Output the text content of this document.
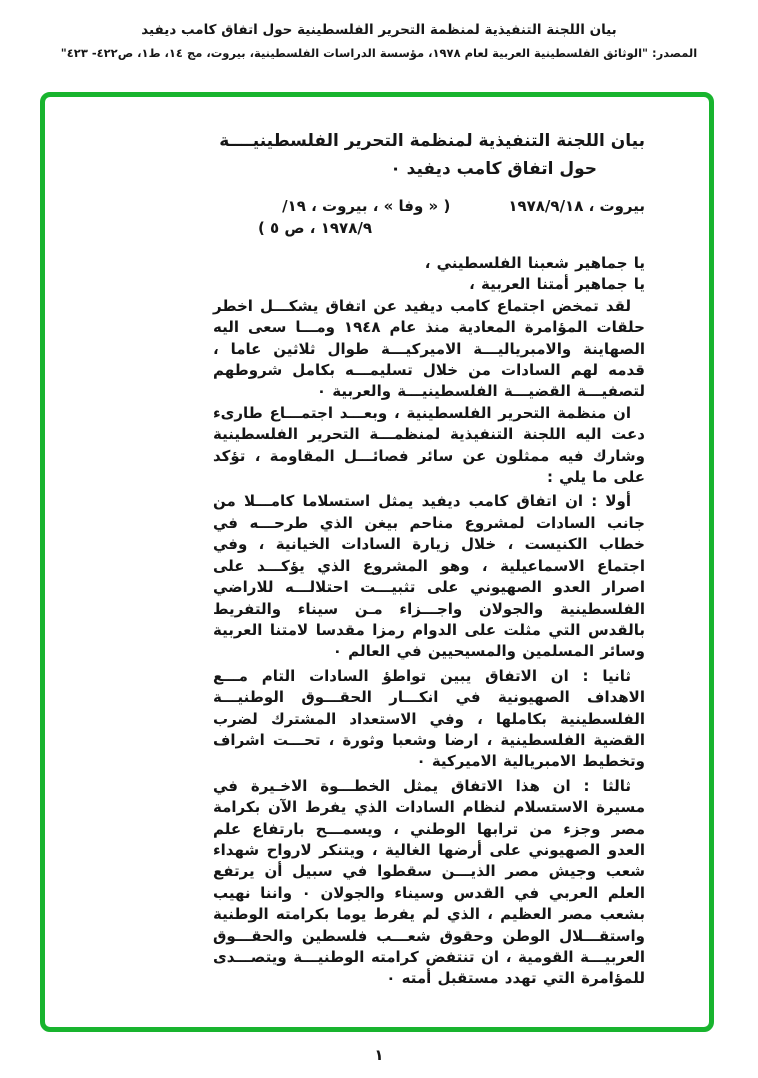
بيان اللجنة التنفيذية لمنظمة التحرير الفلسطينية حول اتفاق كامب ديفيد

المصدر: "الوثائق الفلسطينية العربية لعام ١٩٧٨، مؤسسة الدراسات الفلسطينية، بيروت، مج ١٤، ط١، ص٤٢٢- ٤٢٣"

بيان اللجنة التنفيذية لمنظمة التحرير الفلسطينيــــة
حول اتفاق كامب ديفيد ٠
بيروت ، ١٩٧٨/٩/١٨
( « وفا » ، بيروت ، ١٩/
١٩٧٨/٩ ، ص ٥ )

يا جماهير شعبنا الفلسطيني ،

يا جماهير أمتنا العربية ،

لقد تمخض اجتماع كامب ديفيد عن اتفاق يشكـــل اخطر حلقات المؤامرة المعادية منذ عام ١٩٤٨ ومـــا سعى اليه الصهاينة والامبرياليـــة الاميركيـــة طوال ثلاثين عاما ، قدمه لهم السادات من خلال تسليمـــه بكامل شروطهم لتصفيـــة القضيـــة الفلسطينيـــة والعربية ٠

ان منظمة التحرير الفلسطينية ، وبعـــد اجتمـــاع طارىء دعت اليه اللجنة التنفيذية لمنظمـــة التحرير الفلسطينية وشارك فيه ممثلون عن سائر فصائـــل المقاومة ، تؤكد على ما يلي :

أولا : ان اتفاق كامب ديفيد يمثل استسلاما كامـــلا من جانب السادات لمشروع مناحم بيغن الذي طرحـــه في خطاب الكنيست ، خلال زيارة السادات الخيانية ، وفي اجتماع الاسماعيلية ، وهو المشروع الذي يؤكـــد على اصرار العدو الصهيوني على تثبيـــت احتلالـــه للاراضي الفلسطينية والجولان واجـــزاء مـن سيناء والتفريط بالقدس التي مثلت على الدوام رمزا مقدسا لامتنا العربية وسائر المسلمين والمسيحيين في العالم ٠

ثانيا : ان الاتفاق يبين تواطؤ السادات التام مـــع الاهداف الصهيونية في انكـــار الحقـــوق الوطنيـــة الفلسطينية بكاملها ، وفي الاستعداد المشترك لضرب القضية الفلسطينية ، ارضا وشعبا وثورة ، تحـــت اشراف وتخطيط الامبريالية الاميركية ٠

ثالثا : ان هذا الاتفاق يمثل الخطـــوة الاخـيرة في مسيرة الاستسلام لنظام السادات الذي يفرط الآن بكرامة مصر وجزء من ترابها الوطني ، ويسمـــح بارتفاع علم العدو الصهيوني على أرضها الغالية ، ويتنكر لارواح شهداء شعب وجيش مصر الذيـــن سقطوا في سبيل أن يرتفع العلم العربي في القدس وسيناء والجولان ٠ واننا نهيب بشعب مصر العظيم ، الذي لم يفرط يوما بكرامته الوطنية واستقـــلال الوطن وحقوق شعـــب فلسطين والحقـــوق العربيـــة القومية ، ان تنتفض كرامته الوطنيـــة ويتصـــدى للمؤامرة التي تهدد مستقبل أمته ٠

١
